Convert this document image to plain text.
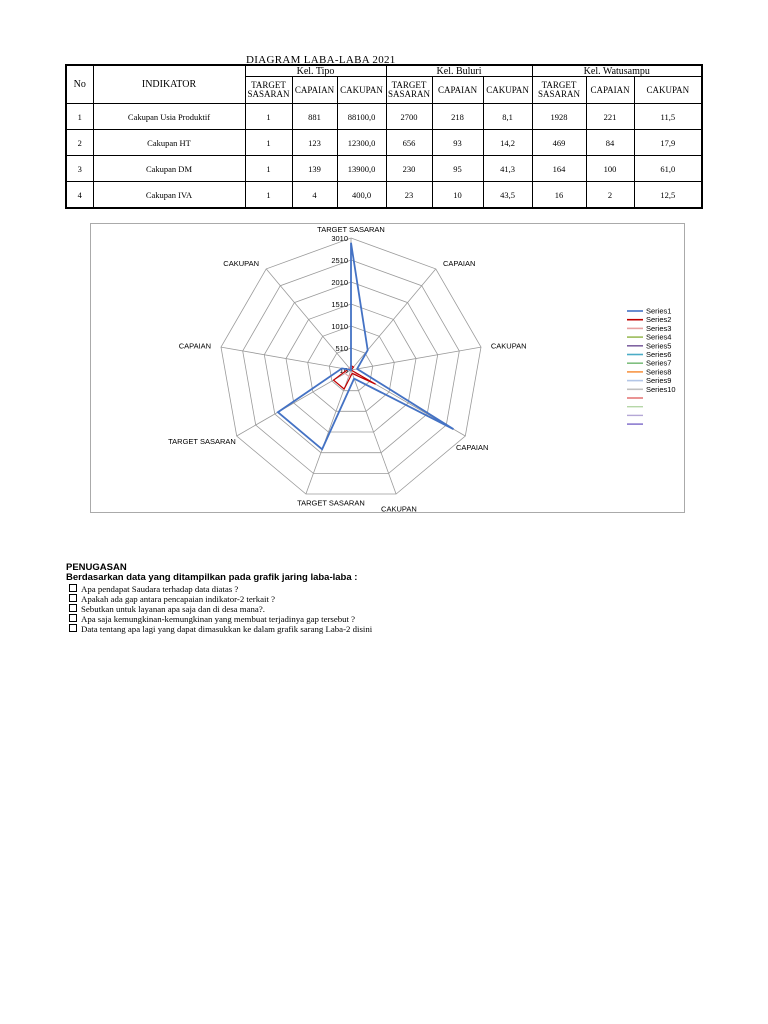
DIAGRAM LABA-LABA 2021
No	INDIKATOR	Kel. Tipo			Kel. Buluri			Kel. Watusampu		
		TARGET SASARAN	CAPAIAN	CAKUPAN	TARGET SASARAN	CAPAIAN	CAKUPAN	TARGET SASARAN	CAPAIAN	CAKUPAN
1	Cakupan Usia Produktif	1	881	88100,0	2700	218	8,1	1928	221	11,5
2	Cakupan HT	1	123	12300,0	656	93	14,2	469	84	17,9
3	Cakupan DM	1	139	13900,0	230	95	41,3	164	100	61,0
4	Cakupan IVA	1	4	400,0	23	10	43,5	16	2	12,5
10
510
1010
1510
2010
2510
3010
TARGET SASARAN
CAPAIAN
CAKUPAN
CAPAIAN
CAKUPAN
TARGET SASARAN
TARGET SASARAN
CAPAIAN
CAKUPAN
Series1
Series2
Series3
Series4
Series5
Series6
Series7
Series8
Series9
Series10
PENUGASAN
Berdasarkan data yang ditampilkan pada grafik jaring laba-laba :
Apa pendapat Saudara terhadap data diatas ?
Apakah ada gap antara pencapaian indikator-2 terkait ?
Sebutkan untuk layanan apa saja dan di desa mana?.
Apa saja kemungkinan-kemungkinan yang membuat terjadinya gap tersebut ?
Data tentang apa lagi yang dapat dimasukkan ke dalam grafik sarang Laba-2 disini
